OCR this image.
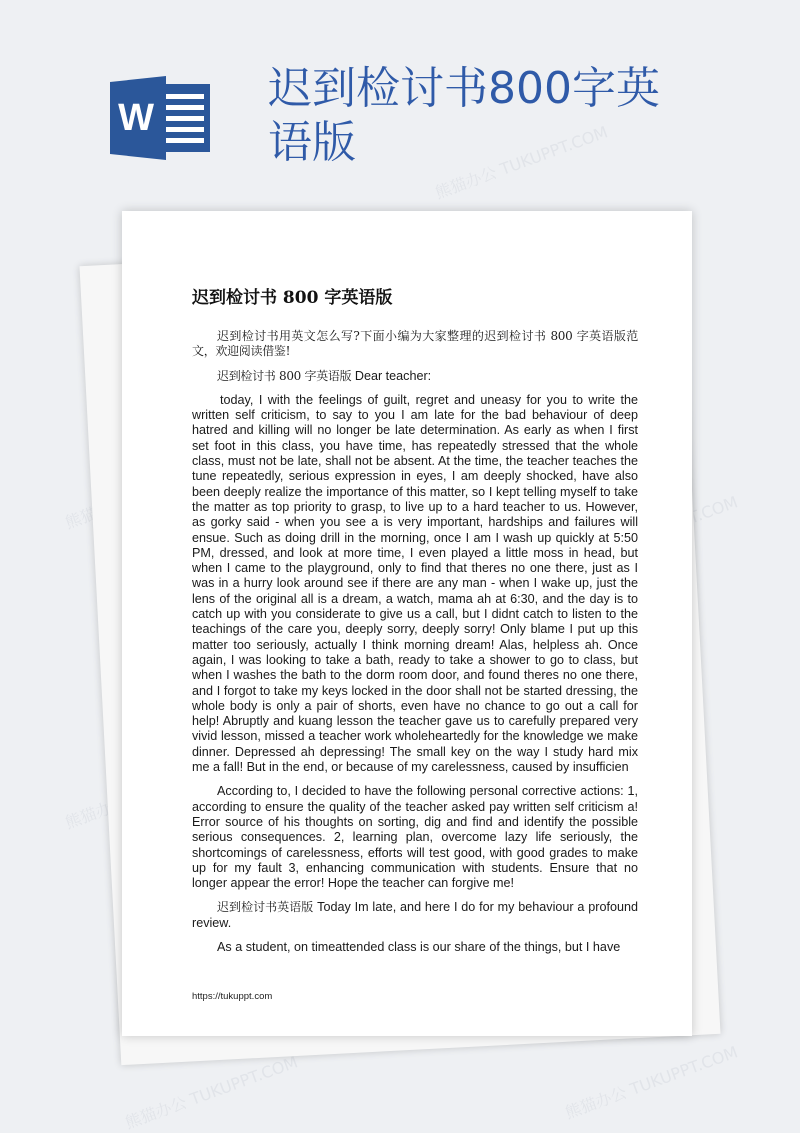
W
迟到检讨书800字英
语版	熊猫办公 TUKUPPT.COM
熊猫办公
熊猫办公 TUKUPPT.COM	熊猫办公 TUKUPPT.COM
迟到检讨书 800 字英语版

迟到检讨书用英文怎么写?下面小编为大家整理的迟到检讨书 800 字英语版范文，欢迎阅读借鉴!

迟到检讨书 800 字英语版 Dear teacher:

today, I with the feelings of guilt, regret and uneasy for you to write the written self criticism, to say to you I am late for the bad behaviour of deep hatred and killing will no longer be late determination. As early as when I first set foot in this class, you have time, has repeatedly stressed that the whole class, must not be late, shall not be absent. At the time, the teacher teaches the tune repeatedly, serious expression in eyes, I am deeply shocked, have also been deeply realize the importance of this matter, so I kept telling myself to take the matter as top priority to grasp, to live up to a hard teacher to us. However, as gorky said - when you see a is very important, hardships and failures will ensue. Such as doing drill in the morning, once I am I wash up quickly at 5:50 PM, dressed, and look at more time, I even played a little moss in head, but when I came to the playground, only to find that theres no one there, just as I was in a hurry look around see if there are any man - when I wake up, just the lens of the original all is a dream, a watch, mama ah at 6:30, and the day is to catch up with you considerate to give us a call, but I didnt catch to listen to the teachings of the care you, deeply sorry, deeply sorry! Only blame I put up this matter too seriously, actually I think morning dream! Alas, helpless ah. Once again, I was looking to take a bath, ready to take a shower to go to class, but when I washes the bath to the dorm room door, and found theres no one there, and I forgot to take my keys locked in the door shall not be started dressing, the whole body is only a pair of shorts, even have no chance to go out a call for help! Abruptly and kuang lesson the teacher gave us to carefully prepared very vivid lesson, missed a teacher work wholeheartedly for the knowledge we make dinner. Depressed ah depressing! The small key on the way I study hard mix me a fall! But in the end, or because of my carelessness, caused by insufficien

According to, I decided to have the following personal corrective actions: 1, according to ensure the quality of the teacher asked pay written self criticism a! Error source of his thoughts on sorting, dig and find and identify the possible serious consequences. 2, learning plan, overcome lazy life seriously, the shortcomings of carelessness, efforts will test good, with good grades to make up for my fault 3, enhancing communication with students. Ensure that no longer appear the error! Hope the teacher can forgive me!

迟到检讨书英语版 Today Im late, and here I do for my behaviour a profound review.

As a student, on timeattended class is our share of the things, but I have

https://tukuppt.com
